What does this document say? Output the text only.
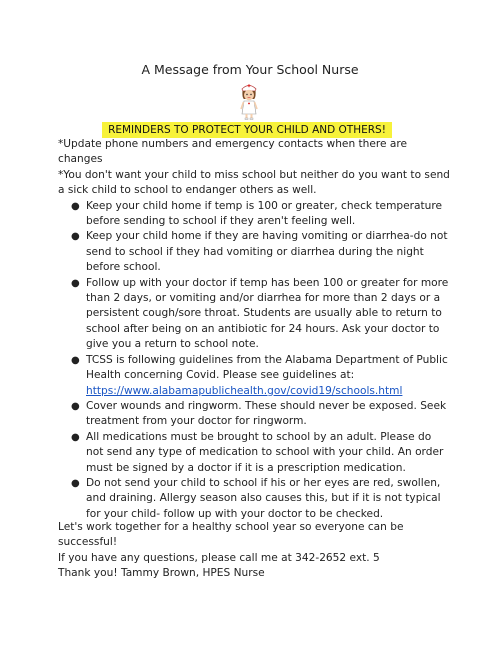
A Message from Your School Nurse
REMINDERS TO PROTECT YOUR CHILD AND OTHERS!

*Update phone numbers and emergency contacts when there are changes

*You don't want your child to miss school but neither do you want to send a sick child to school to endanger others as well.

● Keep your child home if temp is 100 or greater, check temperature before sending to school if they aren't feeling well.
● Keep your child home if they are having vomiting or diarrhea-do not send to school if they had vomiting or diarrhea during the night before school.
● Follow up with your doctor if temp has been 100 or greater for more than 2 days, or vomiting and/or diarrhea for more than 2 days or a persistent cough/sore throat. Students are usually able to return to school after being on an antibiotic for 24 hours. Ask your doctor to give you a return to school note.
● TCSS is following guidelines from the Alabama Department of Public Health concerning Covid. Please see guidelines at:
https://www.alabamapublichealth.gov/covid19/schools.html
● Cover wounds and ringworm. These should never be exposed. Seek treatment from your doctor for ringworm.
● All medications must be brought to school by an adult. Please do not send any type of medication to school with your child. An order must be signed by a doctor if it is a prescription medication.
● Do not send your child to school if his or her eyes are red, swollen, and draining. Allergy season also causes this, but if it is not typical for your child- follow up with your doctor to be checked.

Let's work together for a healthy school year so everyone can be successful!

If you have any questions, please call me at 342-2652 ext. 5

Thank you! Tammy Brown, HPES Nurse
